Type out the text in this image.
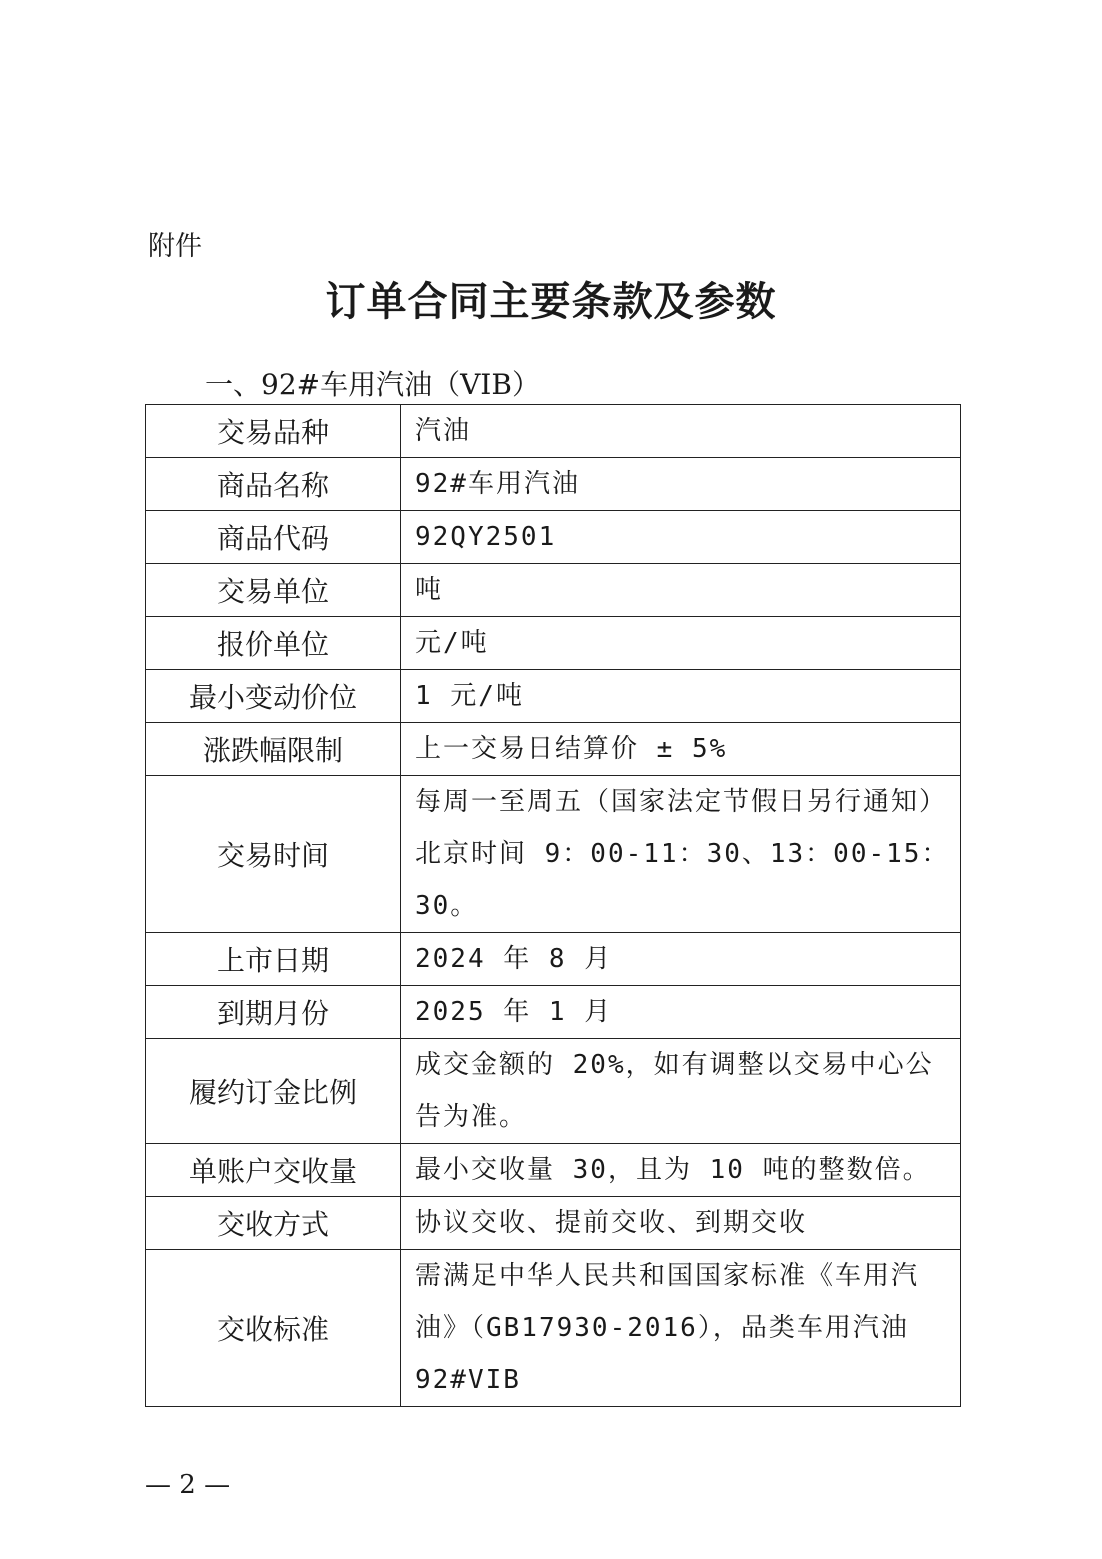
附件
订单合同主要条款及参数
一、92#车用汽油（VIB）
交易品种	汽油
商品名称	92#车用汽油
商品代码	92QY2501
交易单位	吨
报价单位	元/吨
最小变动价位	1 元/吨
涨跌幅限制	上一交易日结算价 ± 5%
交易时间	每周一至周五（国家法定节假日另行通知）
北京时间 9：00-11：30、13：00-15：30。

上市日期	2024 年 8 月
到期月份	2025 年 1 月
履约订金比例	成交金额的 20%，如有调整以交易中心公
告为准。

单账户交收量	最小交收量 30，且为 10 吨的整数倍。
交收方式	协议交收、提前交收、到期交收
交收标准	需满足中华人民共和国国家标准《车用汽
油》（GB17930-2016），品类车用汽油 92#VIB
— 2 —
